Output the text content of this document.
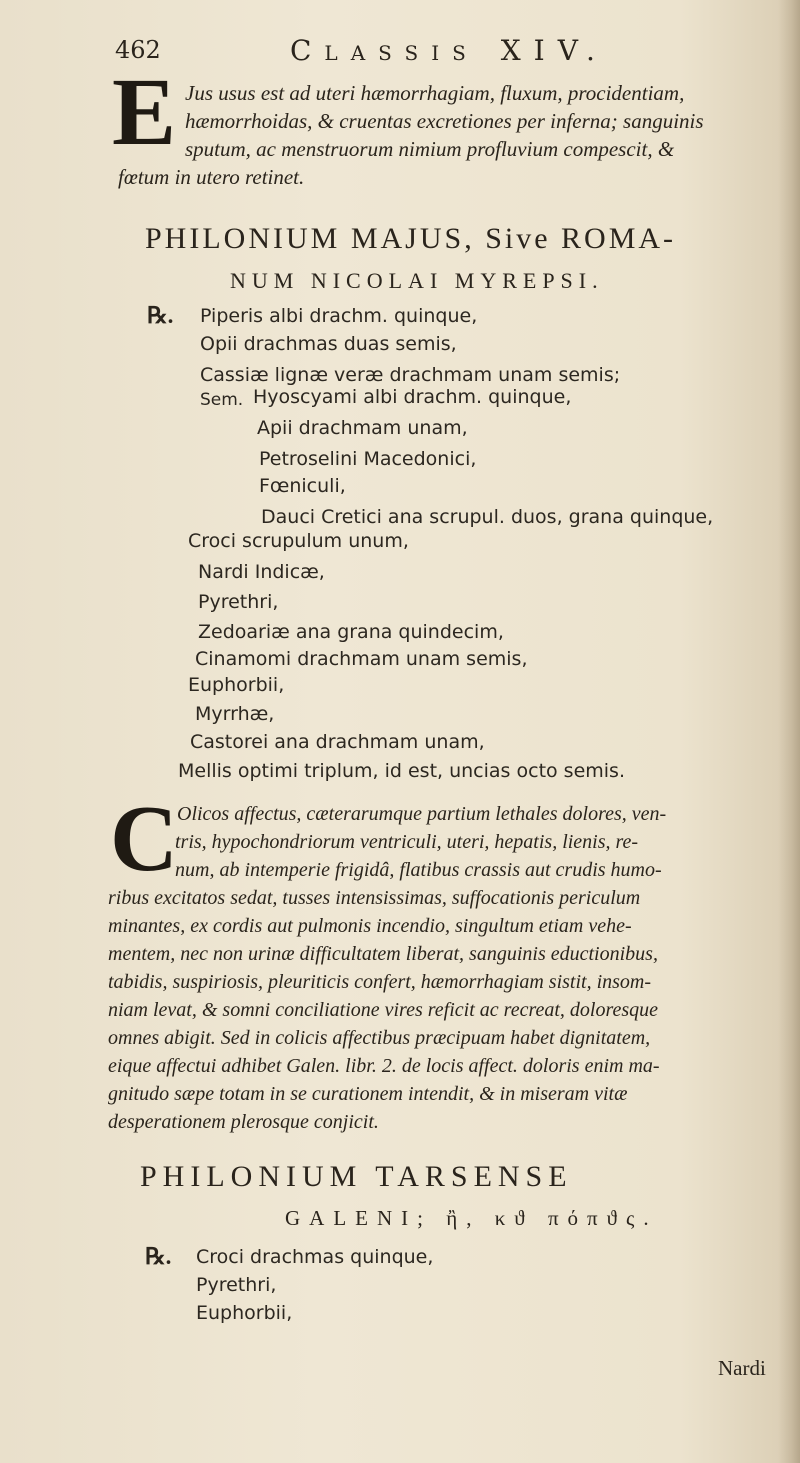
462	Classis XIV.
E Jus usus est ad uteri hæmorrhagiam, fluxum, procidentiam,
hæmorrhoidas, & cruentas excretiones per inferna; sanguinis
sputum, ac menstruorum nimium profluvium compescit, &
fœtum in utero retinet.
PHILONIUM MAJUS, Sive ROMA-
NUM NICOLAI MYREPSI.
℞. Piperis albi drachm. quinque,
Opii drachmas duas semis,
Cassiæ lignæ veræ drachmam unam semis;
Sem. Hyoscyami albi drachm. quinque,
Apii drachmam unam,
Petroselini Macedonici,
Fœniculi,
Dauci Cretici ana scrupul. duos, grana quinque,
Croci scrupulum unum,
Nardi Indicæ,
Pyrethri,
Zedoariæ ana grana quindecim,
Cinamomi drachmam unam semis,
Euphorbii,
Myrrhæ,
Castorei ana drachmam unam,
Mellis optimi triplum, id est, uncias octo semis.
C Olicos affectus, cæterarumque partium lethales dolores, ven-
tris, hypochondriorum ventriculi, uteri, hepatis, lienis, re-
num, ab intemperie frigidâ, flatibus crassis aut crudis humo-
ribus excitatos sedat, tusses intensissimas, suffocationis periculum
minantes, ex cordis aut pulmonis incendio, singultum etiam vehe-
mentem, nec non urinæ difficultatem liberat, sanguinis eductionibus,
tabidis, suspiriosis, pleuriticis confert, hæmorrhagiam sistit, insom-
niam levat, & somni conciliatione vires reficit ac recreat, doloresque
omnes abigit. Sed in colicis affectibus præcipuam habet dignitatem,
eique affectui adhibet Galen. libr. 2. de locis affect. doloris enim ma-
gnitudo sæpe totam in se curationem intendit, & in miseram vitæ
desperationem plerosque conjicit.
PHILONIUM TARSENSE
GALENI; ἢ, κϑ πόπϑς.
℞. Croci drachmas quinque,
Pyrethri,
Euphorbii,
Nardi
